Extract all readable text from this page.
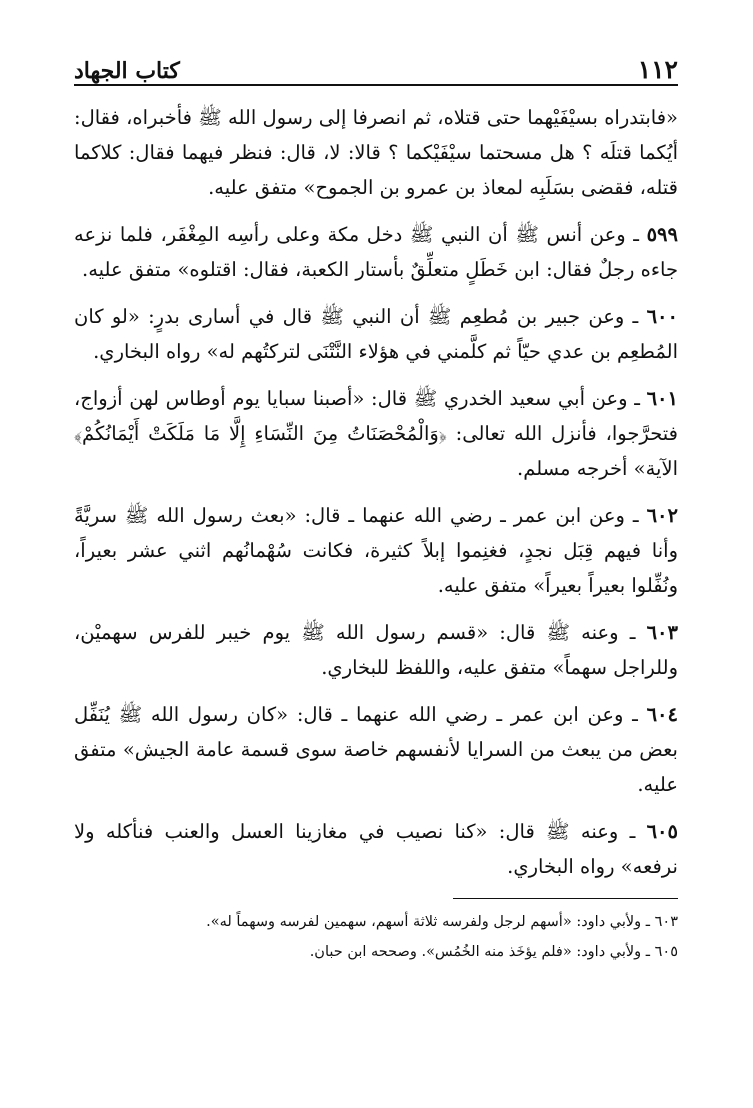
١١٢
كتاب الجهاد

«فابتدراه بسيْفَيْهما حتى قتلاه، ثم انصرفا إلى رسول الله ﷺ فأخبراه، فقال: أيُكما قتلَه ؟ هل مسحتما سيْفَيْكما ؟ قالا: لا، قال: فنظر فيهما فقال: كلاكما قتله، فقضى بسَلَبِه لمعاذ بن عمرو بن الجموح» متفق عليه.

٥٩٩ ـ وعن أنس ﷺ أن النبي ﷺ دخل مكة وعلى رأسِه المِغْفَر، فلما نزعه جاءه رجلٌ فقال: ابن خَطَلٍ متعلِّقٌ بأستار الكعبة، فقال: اقتلوه» متفق عليه.

٦٠٠ ـ وعن جبير بن مُطعِم ﷺ أن النبي ﷺ قال في أسارى بدرٍ: «لو كان المُطعِم بن عدي حيّاً ثم كلَّمني في هؤلاء النَّتْنَى لتركتُهم له» رواه البخاري.

٦٠١ ـ وعن أبي سعيد الخدري ﷺ قال: «أصبنا سبايا يوم أوطاس لهن أزواج، فتحرَّجوا، فأنزل الله تعالى: ﴿وَالْمُحْصَنَاتُ مِنَ النِّسَاءِ إِلَّا مَا مَلَكَتْ أَيْمَانُكُمْ﴾ الآية» أخرجه مسلم.

٦٠٢ ـ وعن ابن عمر ـ رضي الله عنهما ـ قال: «بعث رسول الله ﷺ سريَّةً وأنا فيهم قِبَل نجدٍ، فغنِموا إبلاً كثيرة، فكانت سُهْمانُهم اثني عشر بعيراً، ونُفِّلوا بعيراً بعيراً» متفق عليه.

٦٠٣ ـ وعنه ﷺ قال: «قسم رسول الله ﷺ يوم خيبر للفرس سهميْن، وللراجل سهماً» متفق عليه، واللفظ للبخاري.

٦٠٤ ـ وعن ابن عمر ـ رضي الله عنهما ـ قال: «كان رسول الله ﷺ يُنَفِّل بعض من يبعث من السرايا لأنفسهم خاصة سوى قسمة عامة الجيش» متفق عليه.

٦٠٥ ـ وعنه ﷺ قال: «كنا نصيب في مغازينا العسل والعنب فنأكله ولا نرفعه» رواه البخاري.

٦٠٣ ـ ولأبي داود: «أسهم لرجل ولفرسه ثلاثة أسهم، سهمين لفرسه وسهماً له».

٦٠٥ ـ ولأبي داود: «فلم يؤخَذ منه الخُمُس». وصححه ابن حبان.
